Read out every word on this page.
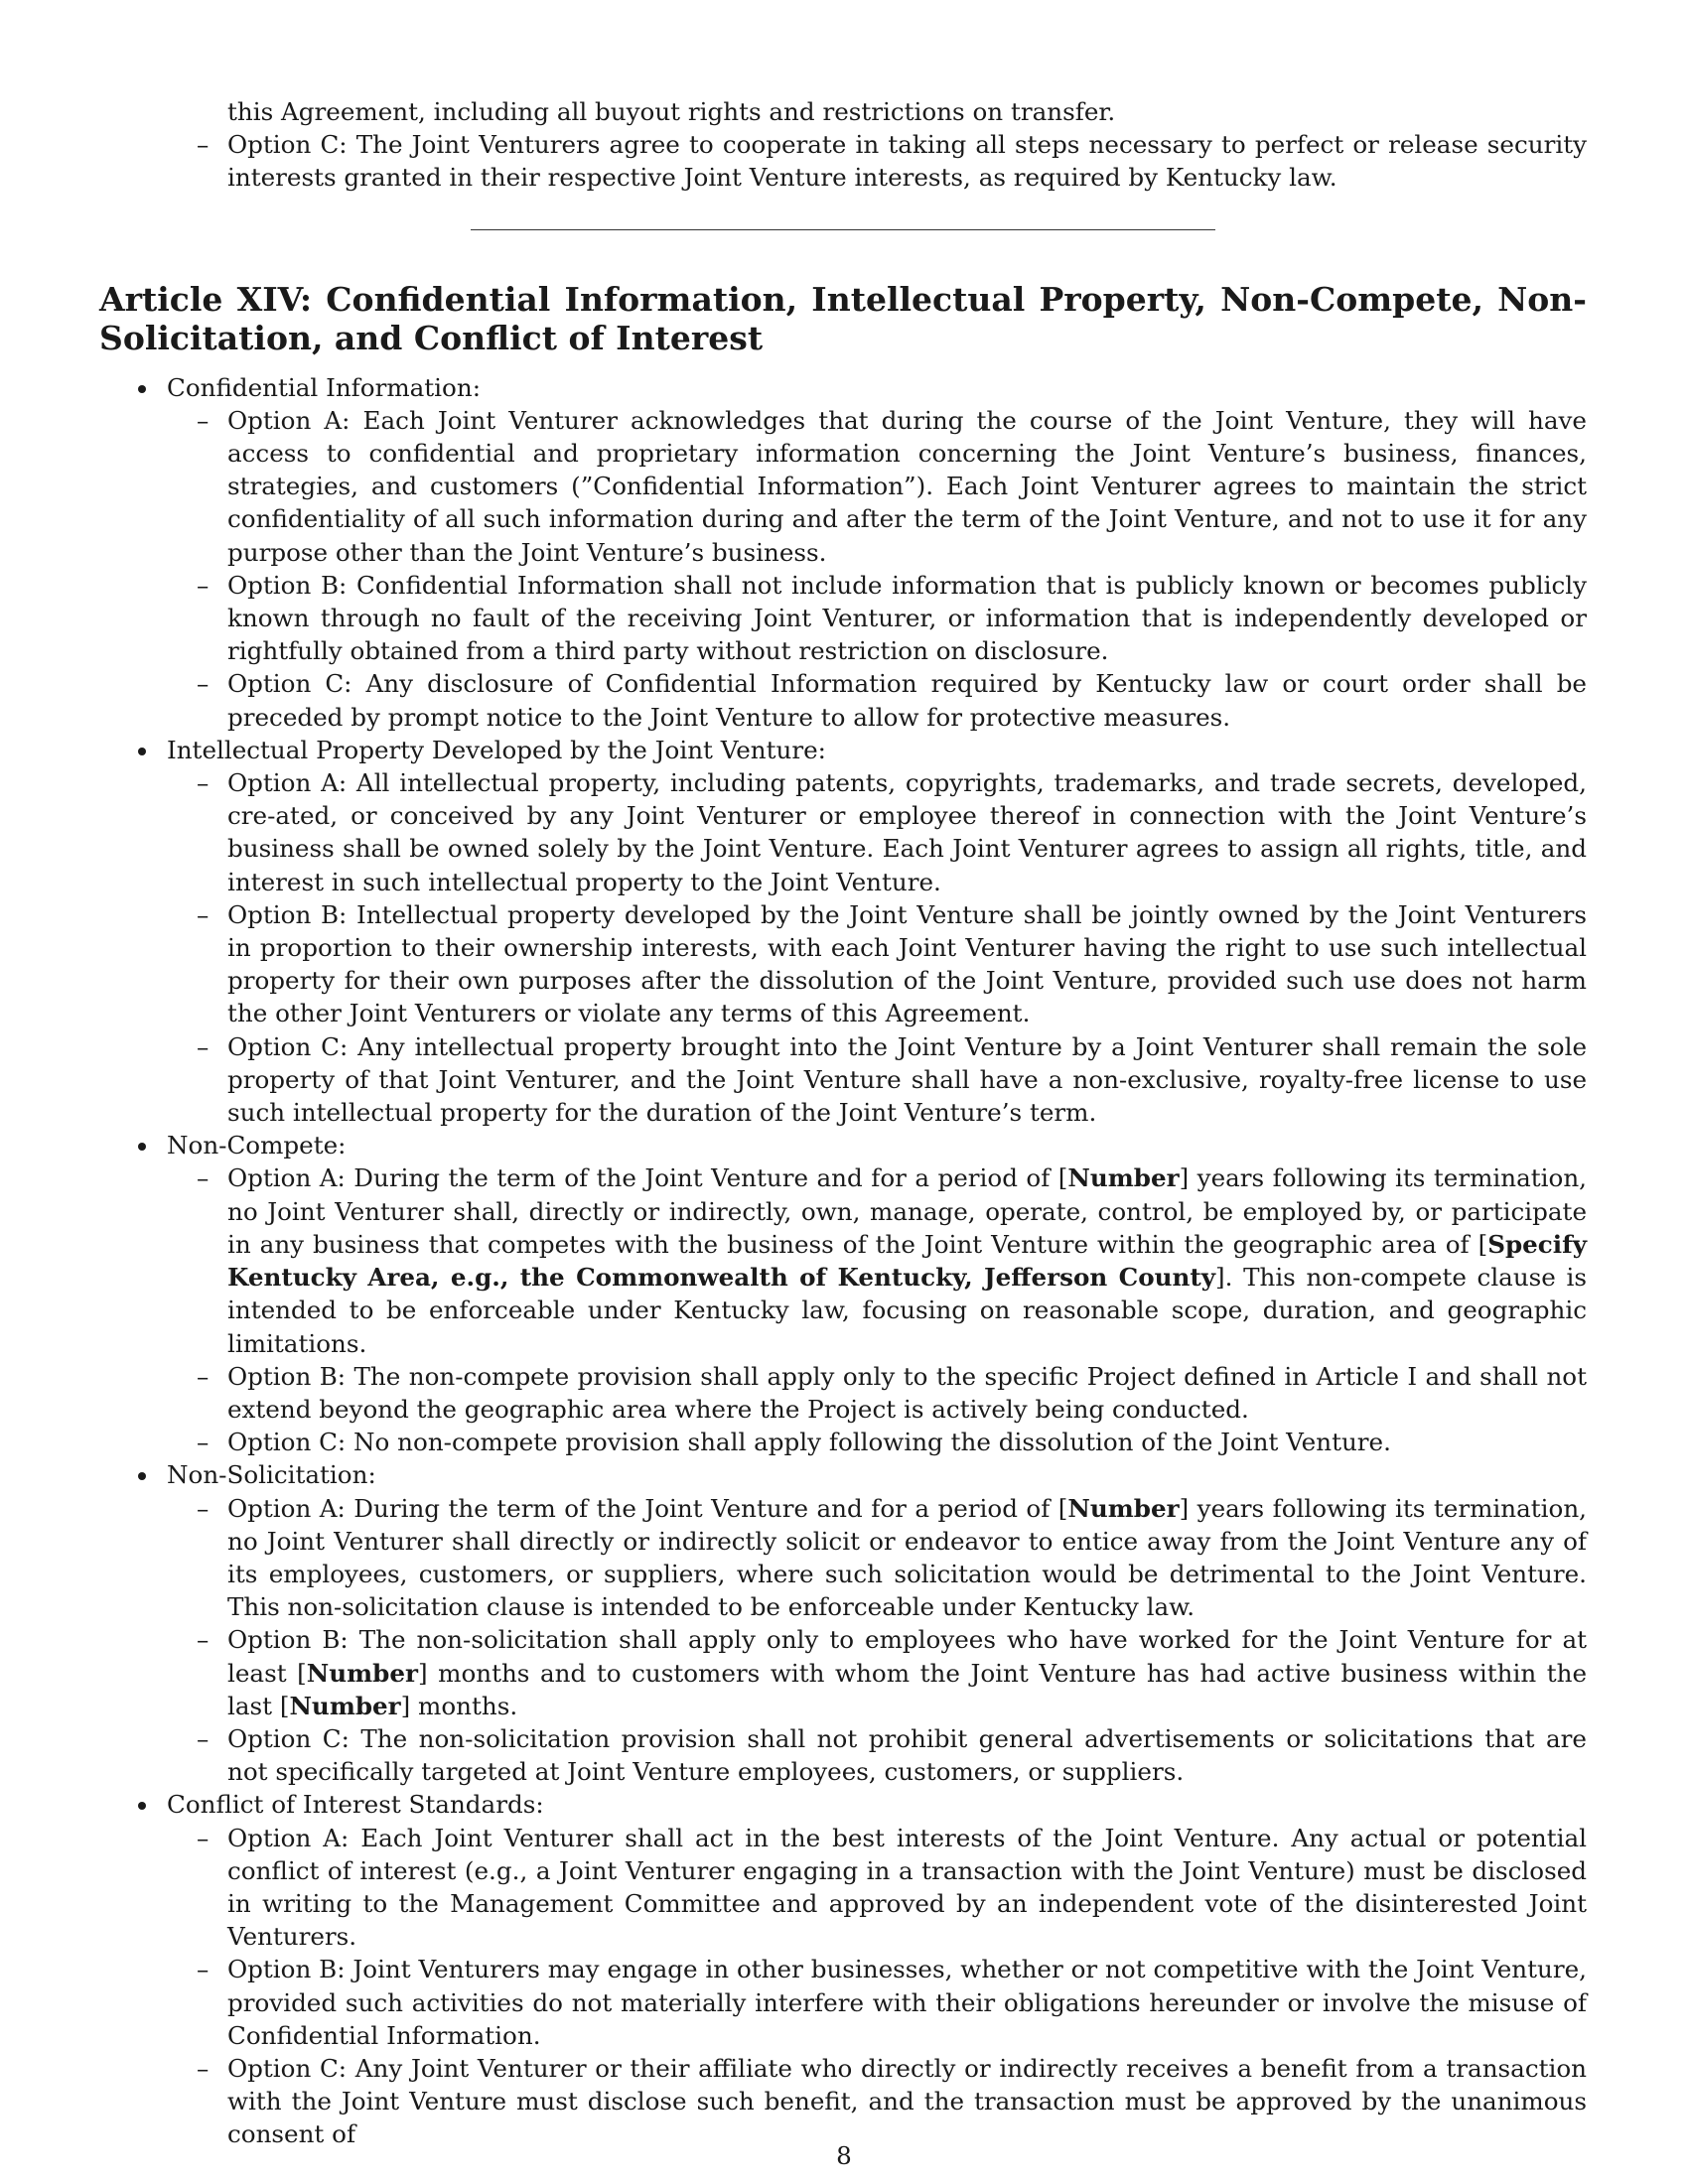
this Agreement, including all buyout rights and restrictions on transfer.
– Option C: The Joint Venturers agree to cooperate in taking all steps necessary to perfect or release security interests granted in their respective Joint Venture interests, as required by Kentucky law.
Article XIV: Confidential Information, Intellectual Property, Non-Compete, Non-Solicitation, and Conflict of Interest
Confidential Information:
– Option A: Each Joint Venturer acknowledges that during the course of the Joint Venture, they will have access to confidential and proprietary information concerning the Joint Venture’s business, finances, strategies, and customers (”Confidential Information”). Each Joint Venturer agrees to maintain the strict confidentiality of all such information during and after the term of the Joint Venture, and not to use it for any purpose other than the Joint Venture’s business.
– Option B: Confidential Information shall not include information that is publicly known or becomes publicly known through no fault of the receiving Joint Venturer, or information that is independently developed or rightfully obtained from a third party without restriction on disclosure.
– Option C: Any disclosure of Confidential Information required by Kentucky law or court order shall be preceded by prompt notice to the Joint Venture to allow for protective measures.
Intellectual Property Developed by the Joint Venture:
– Option A: All intellectual property, including patents, copyrights, trademarks, and trade secrets, developed, cre-ated, or conceived by any Joint Venturer or employee thereof in connection with the Joint Venture’s business shall be owned solely by the Joint Venture. Each Joint Venturer agrees to assign all rights, title, and interest in such intellectual property to the Joint Venture.
– Option B: Intellectual property developed by the Joint Venture shall be jointly owned by the Joint Venturers in proportion to their ownership interests, with each Joint Venturer having the right to use such intellectual property for their own purposes after the dissolution of the Joint Venture, provided such use does not harm the other Joint Venturers or violate any terms of this Agreement.
– Option C: Any intellectual property brought into the Joint Venture by a Joint Venturer shall remain the sole property of that Joint Venturer, and the Joint Venture shall have a non-exclusive, royalty-free license to use such intellectual property for the duration of the Joint Venture’s term.
Non-Compete:
– Option A: During the term of the Joint Venture and for a period of [Number] years following its termination, no Joint Venturer shall, directly or indirectly, own, manage, operate, control, be employed by, or participate in any business that competes with the business of the Joint Venture within the geographic area of [Specify Kentucky Area, e.g., the Commonwealth of Kentucky, Jefferson County]. This non-compete clause is intended to be enforceable under Kentucky law, focusing on reasonable scope, duration, and geographic limitations.
– Option B: The non-compete provision shall apply only to the specific Project defined in Article I and shall not extend beyond the geographic area where the Project is actively being conducted.
– Option C: No non-compete provision shall apply following the dissolution of the Joint Venture.
Non-Solicitation:
– Option A: During the term of the Joint Venture and for a period of [Number] years following its termination, no Joint Venturer shall directly or indirectly solicit or endeavor to entice away from the Joint Venture any of its employees, customers, or suppliers, where such solicitation would be detrimental to the Joint Venture. This non-solicitation clause is intended to be enforceable under Kentucky law.
– Option B: The non-solicitation shall apply only to employees who have worked for the Joint Venture for at least [Number] months and to customers with whom the Joint Venture has had active business within the last [Number] months.
– Option C: The non-solicitation provision shall not prohibit general advertisements or solicitations that are not specifically targeted at Joint Venture employees, customers, or suppliers.
Conflict of Interest Standards:
– Option A: Each Joint Venturer shall act in the best interests of the Joint Venture. Any actual or potential conflict of interest (e.g., a Joint Venturer engaging in a transaction with the Joint Venture) must be disclosed in writing to the Management Committee and approved by an independent vote of the disinterested Joint Venturers.
– Option B: Joint Venturers may engage in other businesses, whether or not competitive with the Joint Venture, provided such activities do not materially interfere with their obligations hereunder or involve the misuse of Confidential Information.
– Option C: Any Joint Venturer or their affiliate who directly or indirectly receives a benefit from a transaction with the Joint Venture must disclose such benefit, and the transaction must be approved by the unanimous consent of
8
